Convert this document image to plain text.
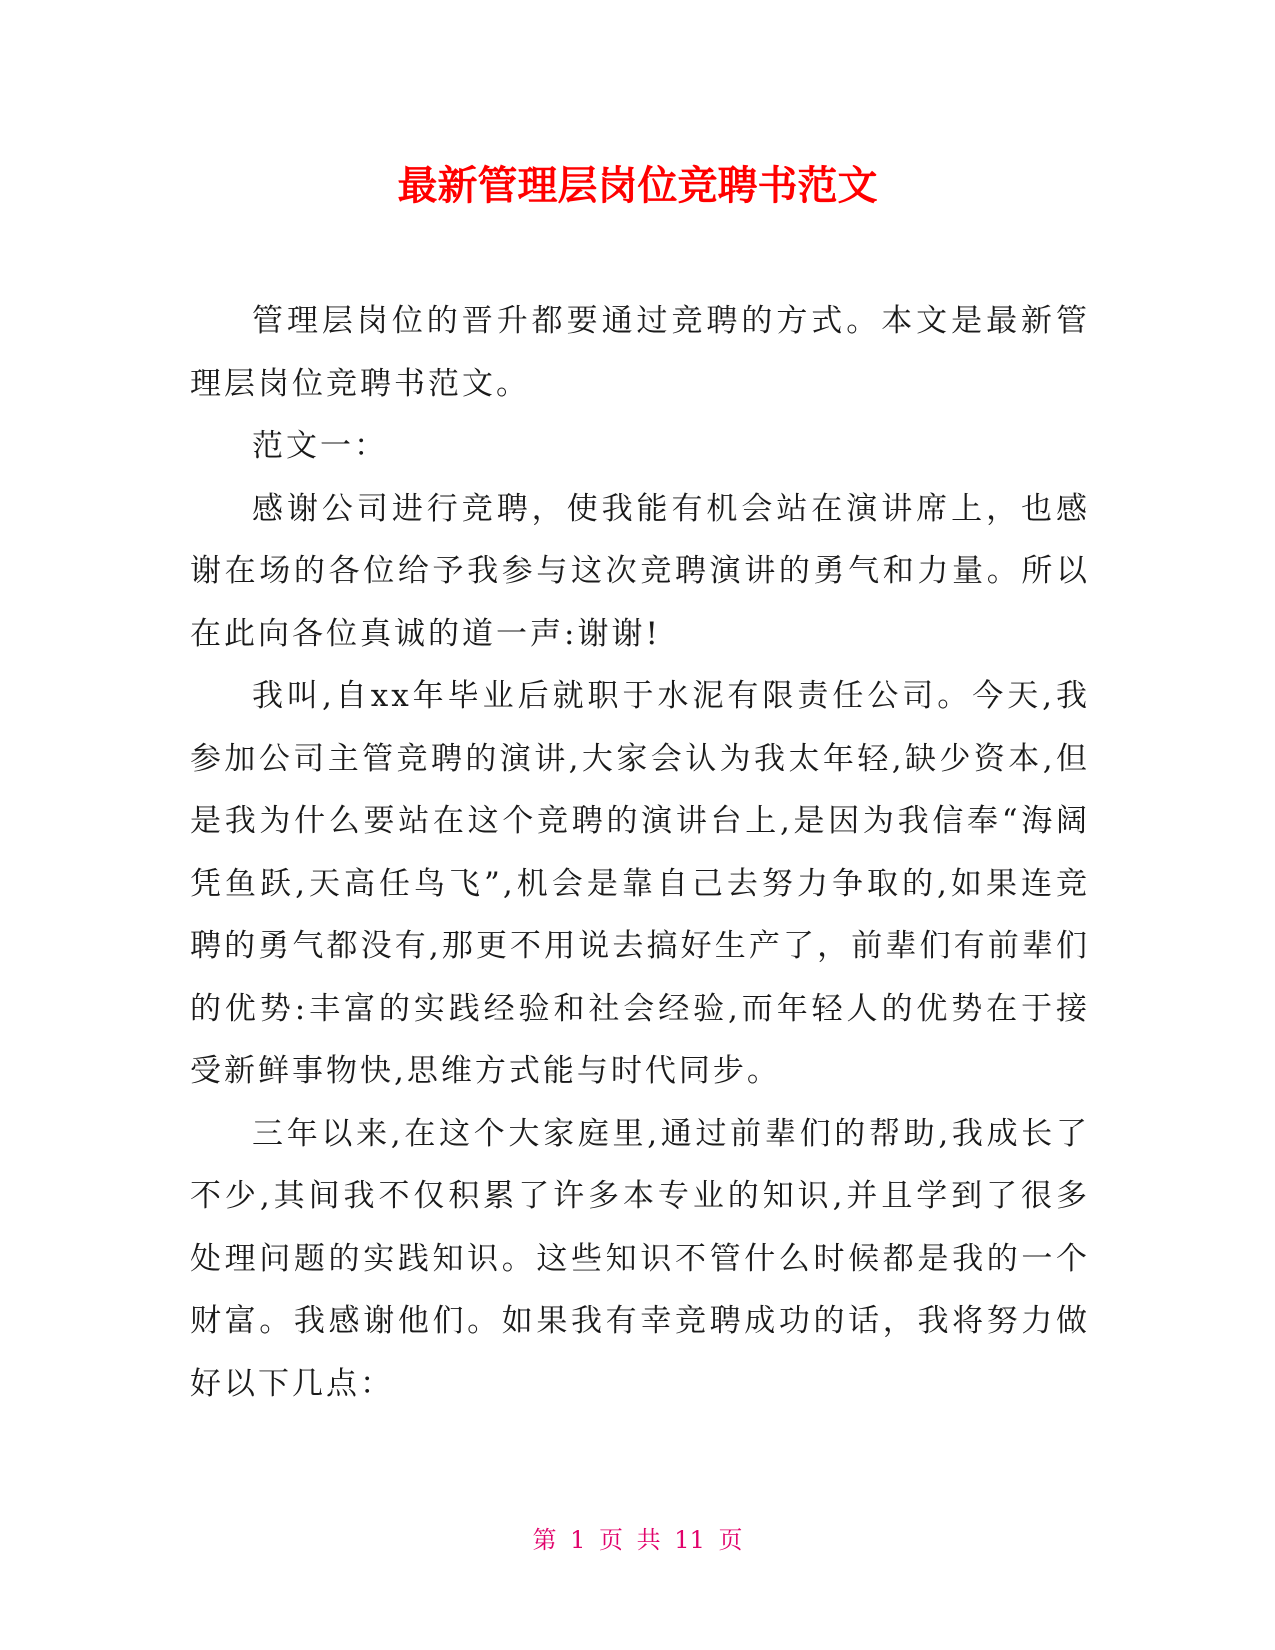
最新管理层岗位竞聘书范文

管理层岗位的晋升都要通过竞聘的方式。本文是最新管理层岗位竞聘书范文。

范文一：

感谢公司进行竞聘，使我能有机会站在演讲席上，也感谢在场的各位给予我参与这次竞聘演讲的勇气和力量。所以在此向各位真诚的道一声:谢谢!

我叫,自xx年毕业后就职于水泥有限责任公司。今天,我参加公司主管竞聘的演讲,大家会认为我太年轻,缺少资本,但是我为什么要站在这个竞聘的演讲台上,是因为我信奉“海阔凭鱼跃,天高任鸟飞”,机会是靠自己去努力争取的,如果连竞聘的勇气都没有,那更不用说去搞好生产了，前辈们有前辈们的优势:丰富的实践经验和社会经验,而年轻人的优势在于接受新鲜事物快,思维方式能与时代同步。

三年以来,在这个大家庭里,通过前辈们的帮助,我成长了不少,其间我不仅积累了许多本专业的知识,并且学到了很多处理问题的实践知识。这些知识不管什么时候都是我的一个财富。我感谢他们。如果我有幸竞聘成功的话，我将努力做好以下几点：

第 1 页 共 11 页
